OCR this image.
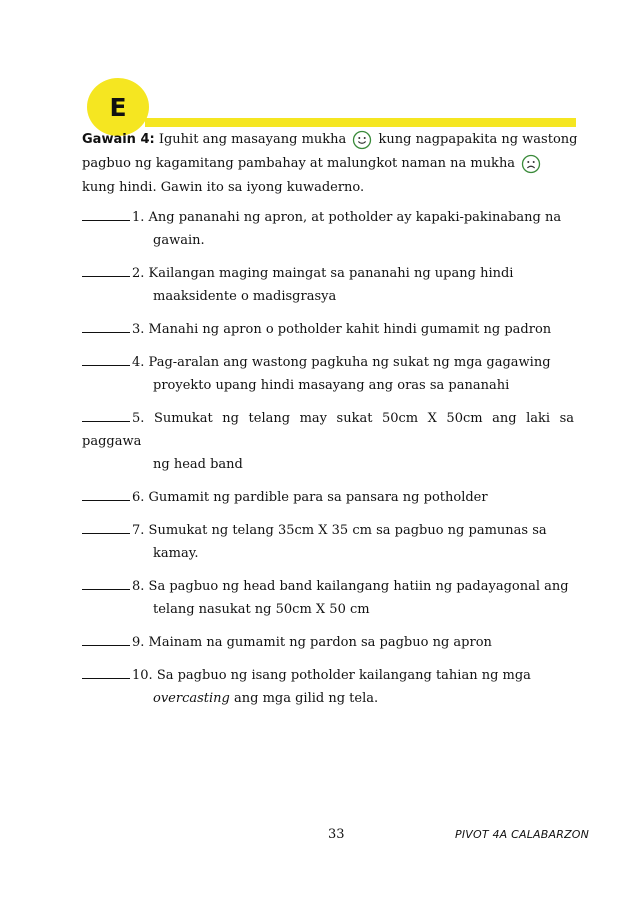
E
Gawain 4: Iguhit ang masayang mukha  kung nagpapakita ng wastong pagbuo ng kagamitang pambahay at malungkot naman na mukha  kung hindi. Gawin ito sa iyong kuwaderno.
1. Ang pananahi ng apron, at potholder ay kapaki-pakinabang na
gawain.
2. Kailangan maging maingat sa pananahi ng upang hindi
maaksidente o madisgrasya
3. Manahi ng apron o potholder kahit hindi gumamit ng padron
4. Pag-aralan ang wastong pagkuha ng sukat ng mga gagawing
proyekto upang hindi masayang ang oras sa pananahi
5. Sumukat ng telang may sukat 50cm X 50cm ang laki sa paggawa
ng head band
6. Gumamit ng pardible para sa pansara ng potholder
7. Sumukat ng telang 35cm X 35 cm sa pagbuo ng pamunas sa
kamay.
8. Sa pagbuo ng head band kailangang hatiin ng padayagonal ang
telang nasukat ng 50cm X 50 cm
9. Mainam na gumamit ng pardon sa pagbuo ng apron
10. Sa pagbuo ng isang potholder kailangang tahian ng mga
overcasting ang mga gilid ng tela.
33	PIVOT 4A CALABARZON
